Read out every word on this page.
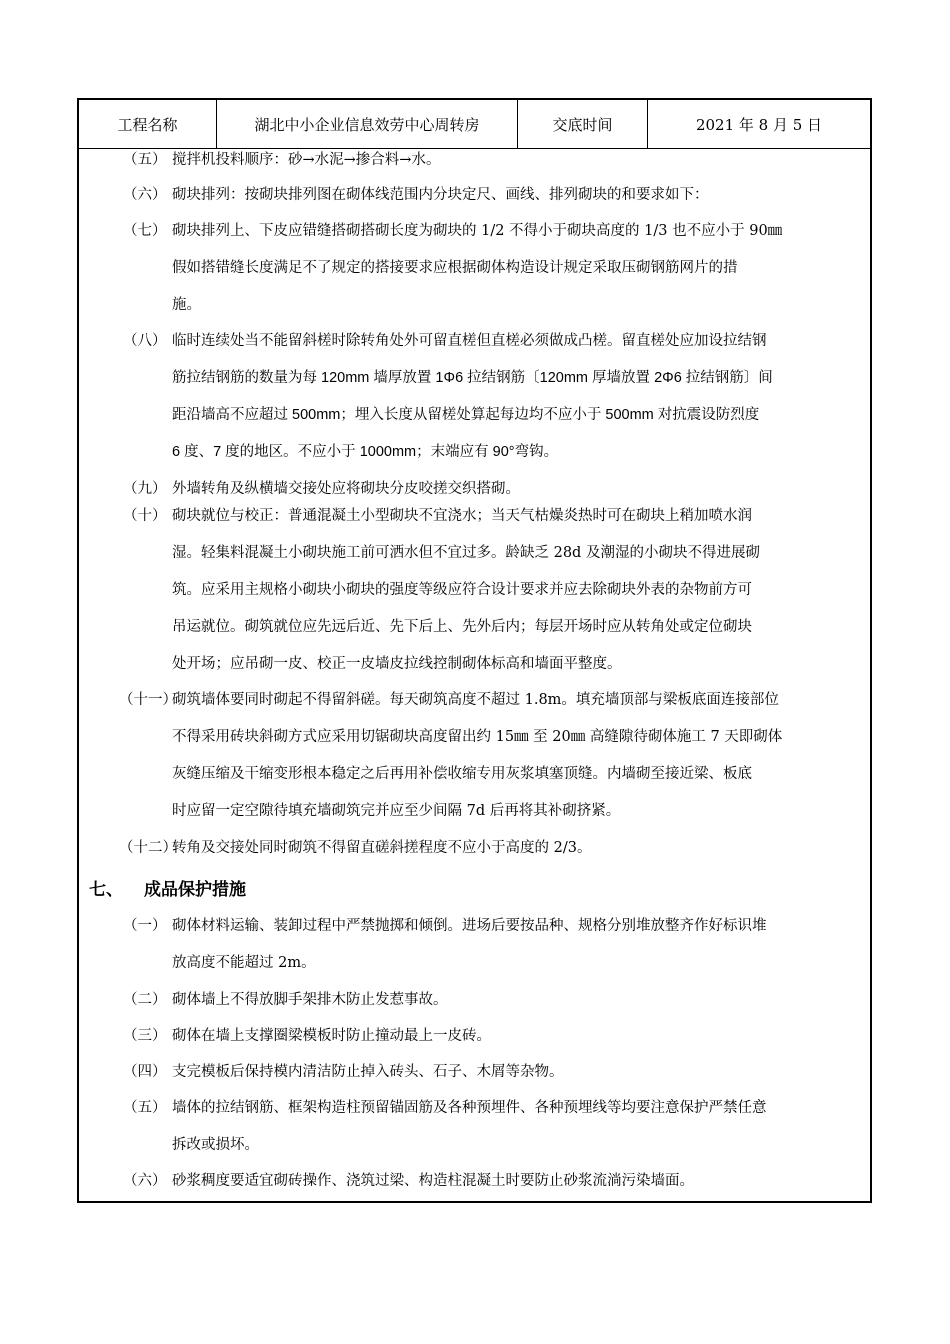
工程名称	湖北中小企业信息效劳中心周转房	交底时间	2021 年 8 月 5 日
（五） 搅拌机投料顺序：砂→水泥→掺合料→水。
（六） 砌块排列：按砌块排列图在砌体线范围内分块定尺、画线、排列砌块的和要求如下：
（七） 砌块排列上、下皮应错缝搭砌搭砌长度为砌块的 1/2 不得小于砌块高度的 1/3 也不应小于 90㎜
假如搭错缝长度满足不了规定的搭接要求应根据砌体构造设计规定采取压砌钢筋网片的措
施。
（八） 临时连续处当不能留斜槎时除转角处外可留直槎但直槎必须做成凸槎。留直槎处应加设拉结钢
筋拉结钢筋的数量为每 120mm 墙厚放置 1Φ6 拉结钢筋〔120mm 厚墙放置 2Φ6 拉结钢筋〕间
距沿墙高不应超过 500mm；埋入长度从留槎处算起每边均不应小于 500mm 对抗震设防烈度
6 度、7 度的地区。不应小于 1000mm；末端应有 90°弯钩。
（九） 外墙转角及纵横墙交接处应将砌块分皮咬搓交织搭砌。
（十） 砌块就位与校正：普通混凝土小型砌块不宜浇水；当天气枯燥炎热时可在砌块上稍加喷水润
湿。轻集料混凝土小砌块施工前可洒水但不宜过多。龄缺乏 28d 及潮湿的小砌块不得进展砌
筑。应采用主规格小砌块小砌块的强度等级应符合设计要求并应去除砌块外表的杂物前方可
吊运就位。砌筑就位应先远后近、先下后上、先外后内；每层开场时应从转角处或定位砌块
处开场；应吊砌一皮、校正一皮墙皮拉线控制砌体标高和墙面平整度。
（十一）
砌筑墙体要同时砌起不得留斜磋。每天砌筑高度不超过 1.8m。填充墙顶部与梁板底面连接部位
不得采用砖块斜砌方式应采用切锯砌块高度留出约 15㎜ 至 20㎜ 高缝隙待砌体施工 7 天即砌体
灰缝压缩及干缩变形根本稳定之后再用补偿收缩专用灰浆填塞顶缝。内墙砌至接近梁、板底
时应留一定空隙待填充墙砌筑完并应至少间隔 7d 后再将其补砌挤紧。
（十二）
转角及交接处同时砌筑不得留直磋斜搓程度不应小于高度的 2/3。
七、 成品保护措施
（一） 砌体材料运输、装卸过程中严禁抛掷和倾倒。进场后要按品种、规格分别堆放整齐作好标识堆
放高度不能超过 2m。
（二） 砌体墙上不得放脚手架排木防止发惹事故。
（三） 砌体在墙上支撑圈梁模板时防止撞动最上一皮砖。
（四） 支完模板后保持模内清洁防止掉入砖头、石子、木屑等杂物。
（五） 墙体的拉结钢筋、框架构造柱预留锚固筋及各种预埋件、各种预埋线等均要注意保护严禁任意
拆改或损坏。
（六） 砂浆稠度要适宜砌砖操作、浇筑过梁、构造柱混凝土时要防止砂浆流淌污染墙面。
